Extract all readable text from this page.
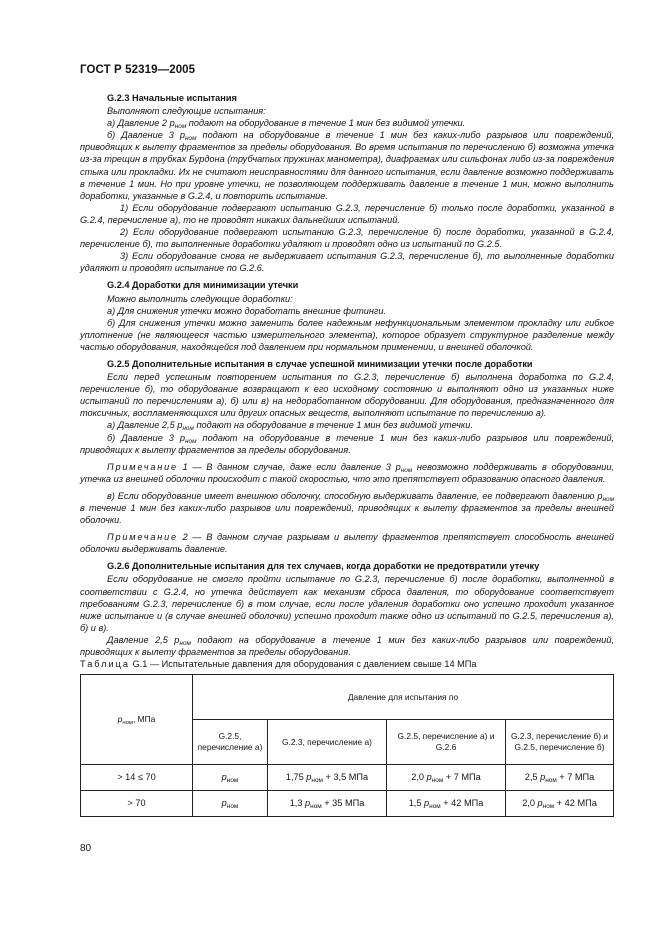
ГОСТ Р 52319—2005

G.2.3 Начальные испытания

Выполняют следующие испытания:

а) Давление 2 $p_{ном}$ подают на оборудование в течение 1 мин без видимой утечки.

б) Давление 3 $p_{ном}$ подают на оборудование в течение 1 мин без каких-либо разрывов или повреждений, приводящих к вылету фрагментов за пределы оборудования. Во время испытания по перечислению б) возможна утечка из-за трещин в трубках Бурдона (трубчатых пружинах манометра), диафрагмах или сильфонах либо из-за повреждения стыка или прокладки. Их не считают неисправностями для данного испытания, если давление возможно поддерживать в течение 1 мин. Но при уровне утечки, не позволяющем поддерживать давление в течение 1 мин, можно выполнить доработки, указанные в G.2.4, и повторить испытание.

1) Если оборудование подвергают испытанию G.2.3, перечисление б) только после доработки, указанной в G.2.4, перечисление а), то не проводят никаких дальнейших испытаний.

2) Если оборудование подвергают испытанию G.2.3, перечисление б) после доработки, указанной в G.2.4, перечисление б), то выполненные доработки удаляют и проводят одно из испытаний по G.2.5.

3) Если оборудование снова не выдерживает испытания G.2.3, перечисление б), то выполненные доработки удаляют и проводят испытание по G.2.6.

G.2.4 Доработки для минимизации утечки

Можно выполнить следующие доработки:

а) Для снижения утечки можно доработать внешние фитинги.

б) Для снижения утечки можно заменить более надежным нефункциональным элементом прокладку или гибкое уплотнение (не являющееся частью измерительного элемента), которое образует структурное разделение между частью оборудования, находящейся под давлением при нормальном применении, и внешней оболочкой.

G.2.5 Дополнительные испытания в случае успешной минимизации утечки после доработки

Если перед успешным повторением испытания по G.2.3, перечисление б) выполнена доработка по G.2.4, перечисление б), то оборудование возвращают к его исходному состоянию и выполняют одно из указанных ниже испытаний по перечислениям а), б) или в) на недоработанном оборудовании. Для оборудования, предназначенного для токсичных, воспламеняющихся или других опасных веществ, выполняют испытание по перечислению а).

а) Давление 2,5 $p_{ном}$ подают на оборудование в течение 1 мин без видимой утечки.

б) Давление 3 $p_{ном}$ подают на оборудование в течение 1 мин без каких-либо разрывов или повреждений, приводящих к вылету фрагментов за пределы оборудования.

Примечание 1 — В данном случае, даже если давление 3 $p_{ном}$ невозможно поддерживать в оборудовании, утечка из внешней оболочки происходит с такой скоростью, что это препятствует образованию опасного давления.

в) Если оборудование имеет внешнюю оболочку, способную выдерживать давление, ее подвергают давлению $p_{ном}$ в течение 1 мин без каких-либо разрывов или повреждений, приводящих к вылету фрагментов за пределы внешней оболочки.

Примечание 2 — В данном случае разрывам и вылету фрагментов препятствует способность внешней оболочки выдерживать давление.

G.2.6 Дополнительные испытания для тех случаев, когда доработки не предотвратили утечку

Если оборудование не смогло пройти испытание по G.2.3, перечисление б) после доработки, выполненной в соответствии с G.2.4, но утечка действует как механизм сброса давления, то оборудование соответствует требованиям G.2.3, перечисление б) в том случае, если после удаления доработки оно успешно проходит указанное ниже испытание и (в случае внешней оболочки) успешно проходит также одно из испытаний по G.2.5, перечисления а), б) и в).

Давление 2,5 $p_{ном}$ подают на оборудование в течение 1 мин без каких-либо разрывов или повреждений, приводящих к вылету фрагментов за пределы оборудования.

Таблица G.1 — Испытательные давления для оборудования с давлением свыше 14 МПа

$p_{ном}$, МПа	Давление для испытания по			
	G.2.5, перечисление а)	G.2.3, перечисление а)	G.2.5, перечисление а) и G.2.6	G.2.3, перечисление б) и G.2.5, перечисление б)
> 14 ≤ 70	$p_{ном}$	1,75 $p_{ном} + 3,5$ МПа	2,0 $p_{ном} + 7$ МПа	2,5 $p_{ном} + 7$ МПа
> 70	$p_{ном}$	1,3 $p_{ном} + 35$ МПа	1,5 $p_{ном} + 42$ МПа	2,0 $p_{ном} + 42$ МПа
80
